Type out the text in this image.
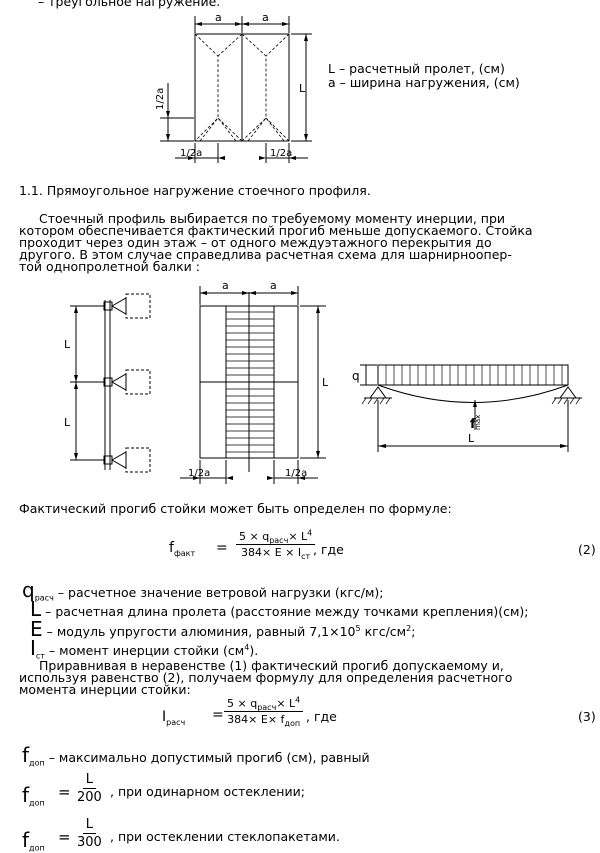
– треугольное нагружение.
a	a
L
1/2a
1/2a	1/2a
L – расчетный пролет, (см)
a – ширина нагружения, (см)
1.1. Прямоугольное нагружение стоечного профиля.
Стоечный профиль выбирается по требуемому моменту инерции, при
котором обеспечивается фактический прогиб меньше допускаемого. Стойка
проходит через один этаж – от одного междуэтажного перекрытия до
другого. В этом случае справедлива расчетная схема для шарнирноопер-
той однопролетной балки :
L
L
a	a
L
1/2a	1/2a
q
f
max
L
Фактический прогиб стойки может быть определен по формуле:
$f_{факт}$ =
$5 \times q_{расч}\times L^4$
$384\times E \times I_{ст}$ , где	(2)
$q_{расч}$ – расчетное значение ветровой нагрузки (кгс/м);
L – расчетная длина пролета (расстояние между точками крепления)(см);
E – модуль упругости алюминия, равный $7,1\times 10^5$ кгс/$см^2$;
$I_{ст}$ – момент инерции стойки $(см^4)$.
Приравнивая в неравенстве (1) фактический прогиб допускаемому и,
используя равенство (2), получаем формулу для определения расчетного
момента инерции стойки:
$I_{расч}$ =
$5 \times q_{расч}\times L^4$
$384\times E\times f_{доп}$ , где	(3)
$f_{доп}$ – максимально допустимый прогиб (см), равный
$f_{доп}$
= $\frac{L}{200}$ , при одинарном остеклении;
$f_{доп}$
= $\frac{L}{300}$ , при остеклении стеклопакетами.
